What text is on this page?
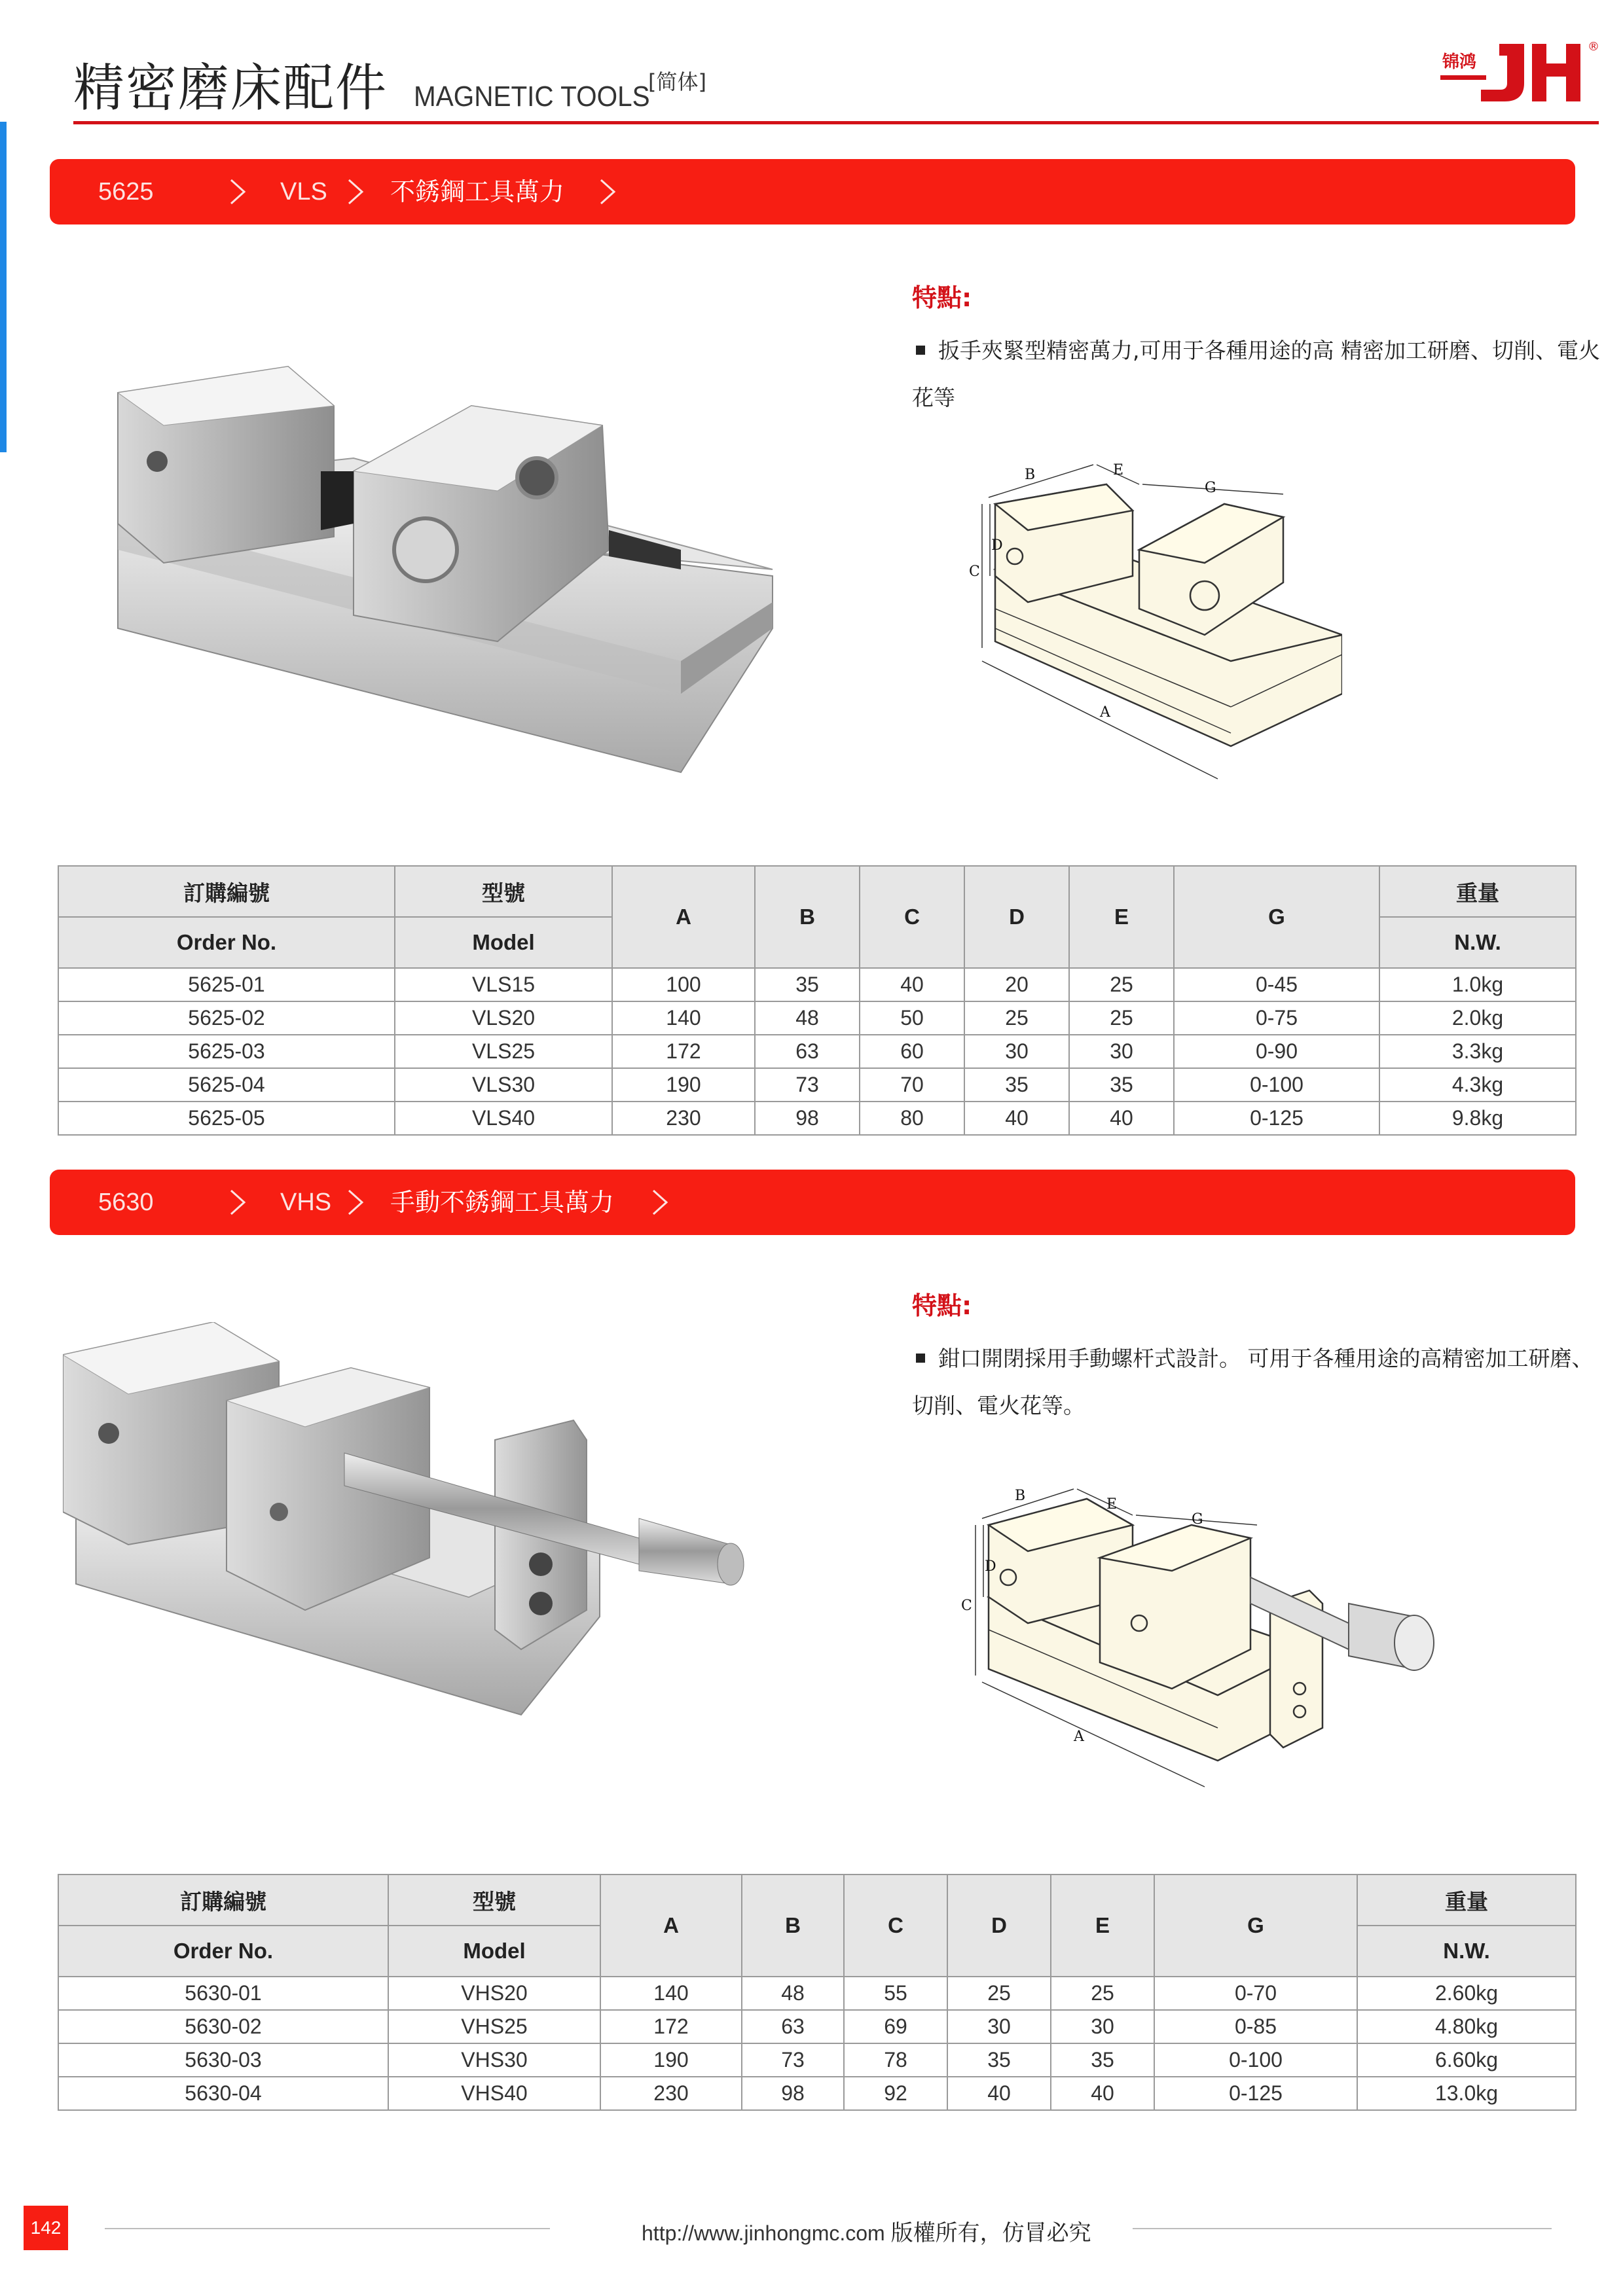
精密磨床配件 MAGNETIC TOOLS
[简体]
锦鸿
®
5625	VLS	不銹鋼工具萬力
特點:
扳手夾緊型精密萬力,可用于各種用途的高 精密加工研磨、切削、電火花等
B	E
G
C
D
A
訂購編號	型號	A	B	C	D	E	G	重量
Order No.	Model							N.W.
5625-01	VLS15	100	35	40	20	25	0-45	1.0kg
5625-02	VLS20	140	48	50	25	25	0-75	2.0kg
5625-03	VLS25	172	63	60	30	30	0-90	3.3kg
5625-04	VLS30	190	73	70	35	35	0-100	4.3kg
5625-05	VLS40	230	98	80	40	40	0-125	9.8kg
5630	VHS 手動不銹鋼工具萬力
特點:
鉗口開閉採用手動螺杆式設計。 可用于各種用途的高精密加工研磨、切削、電火花等。
B
E
G
C
D
A
訂購編號	型號	A	B	C	D	E	G	重量
Order No.	Model							N.W.
5630-01	VHS20	140	48	55	25	25	0-70	2.60kg
5630-02	VHS25	172	63	69	30	30	0-85	4.80kg
5630-03	VHS30	190	73	78	35	35	0-100	6.60kg
5630-04	VHS40	230	98	92	40	40	0-125	13.0kg
142	http://www.jinhongmc.com 版權所有，仿冒必究
